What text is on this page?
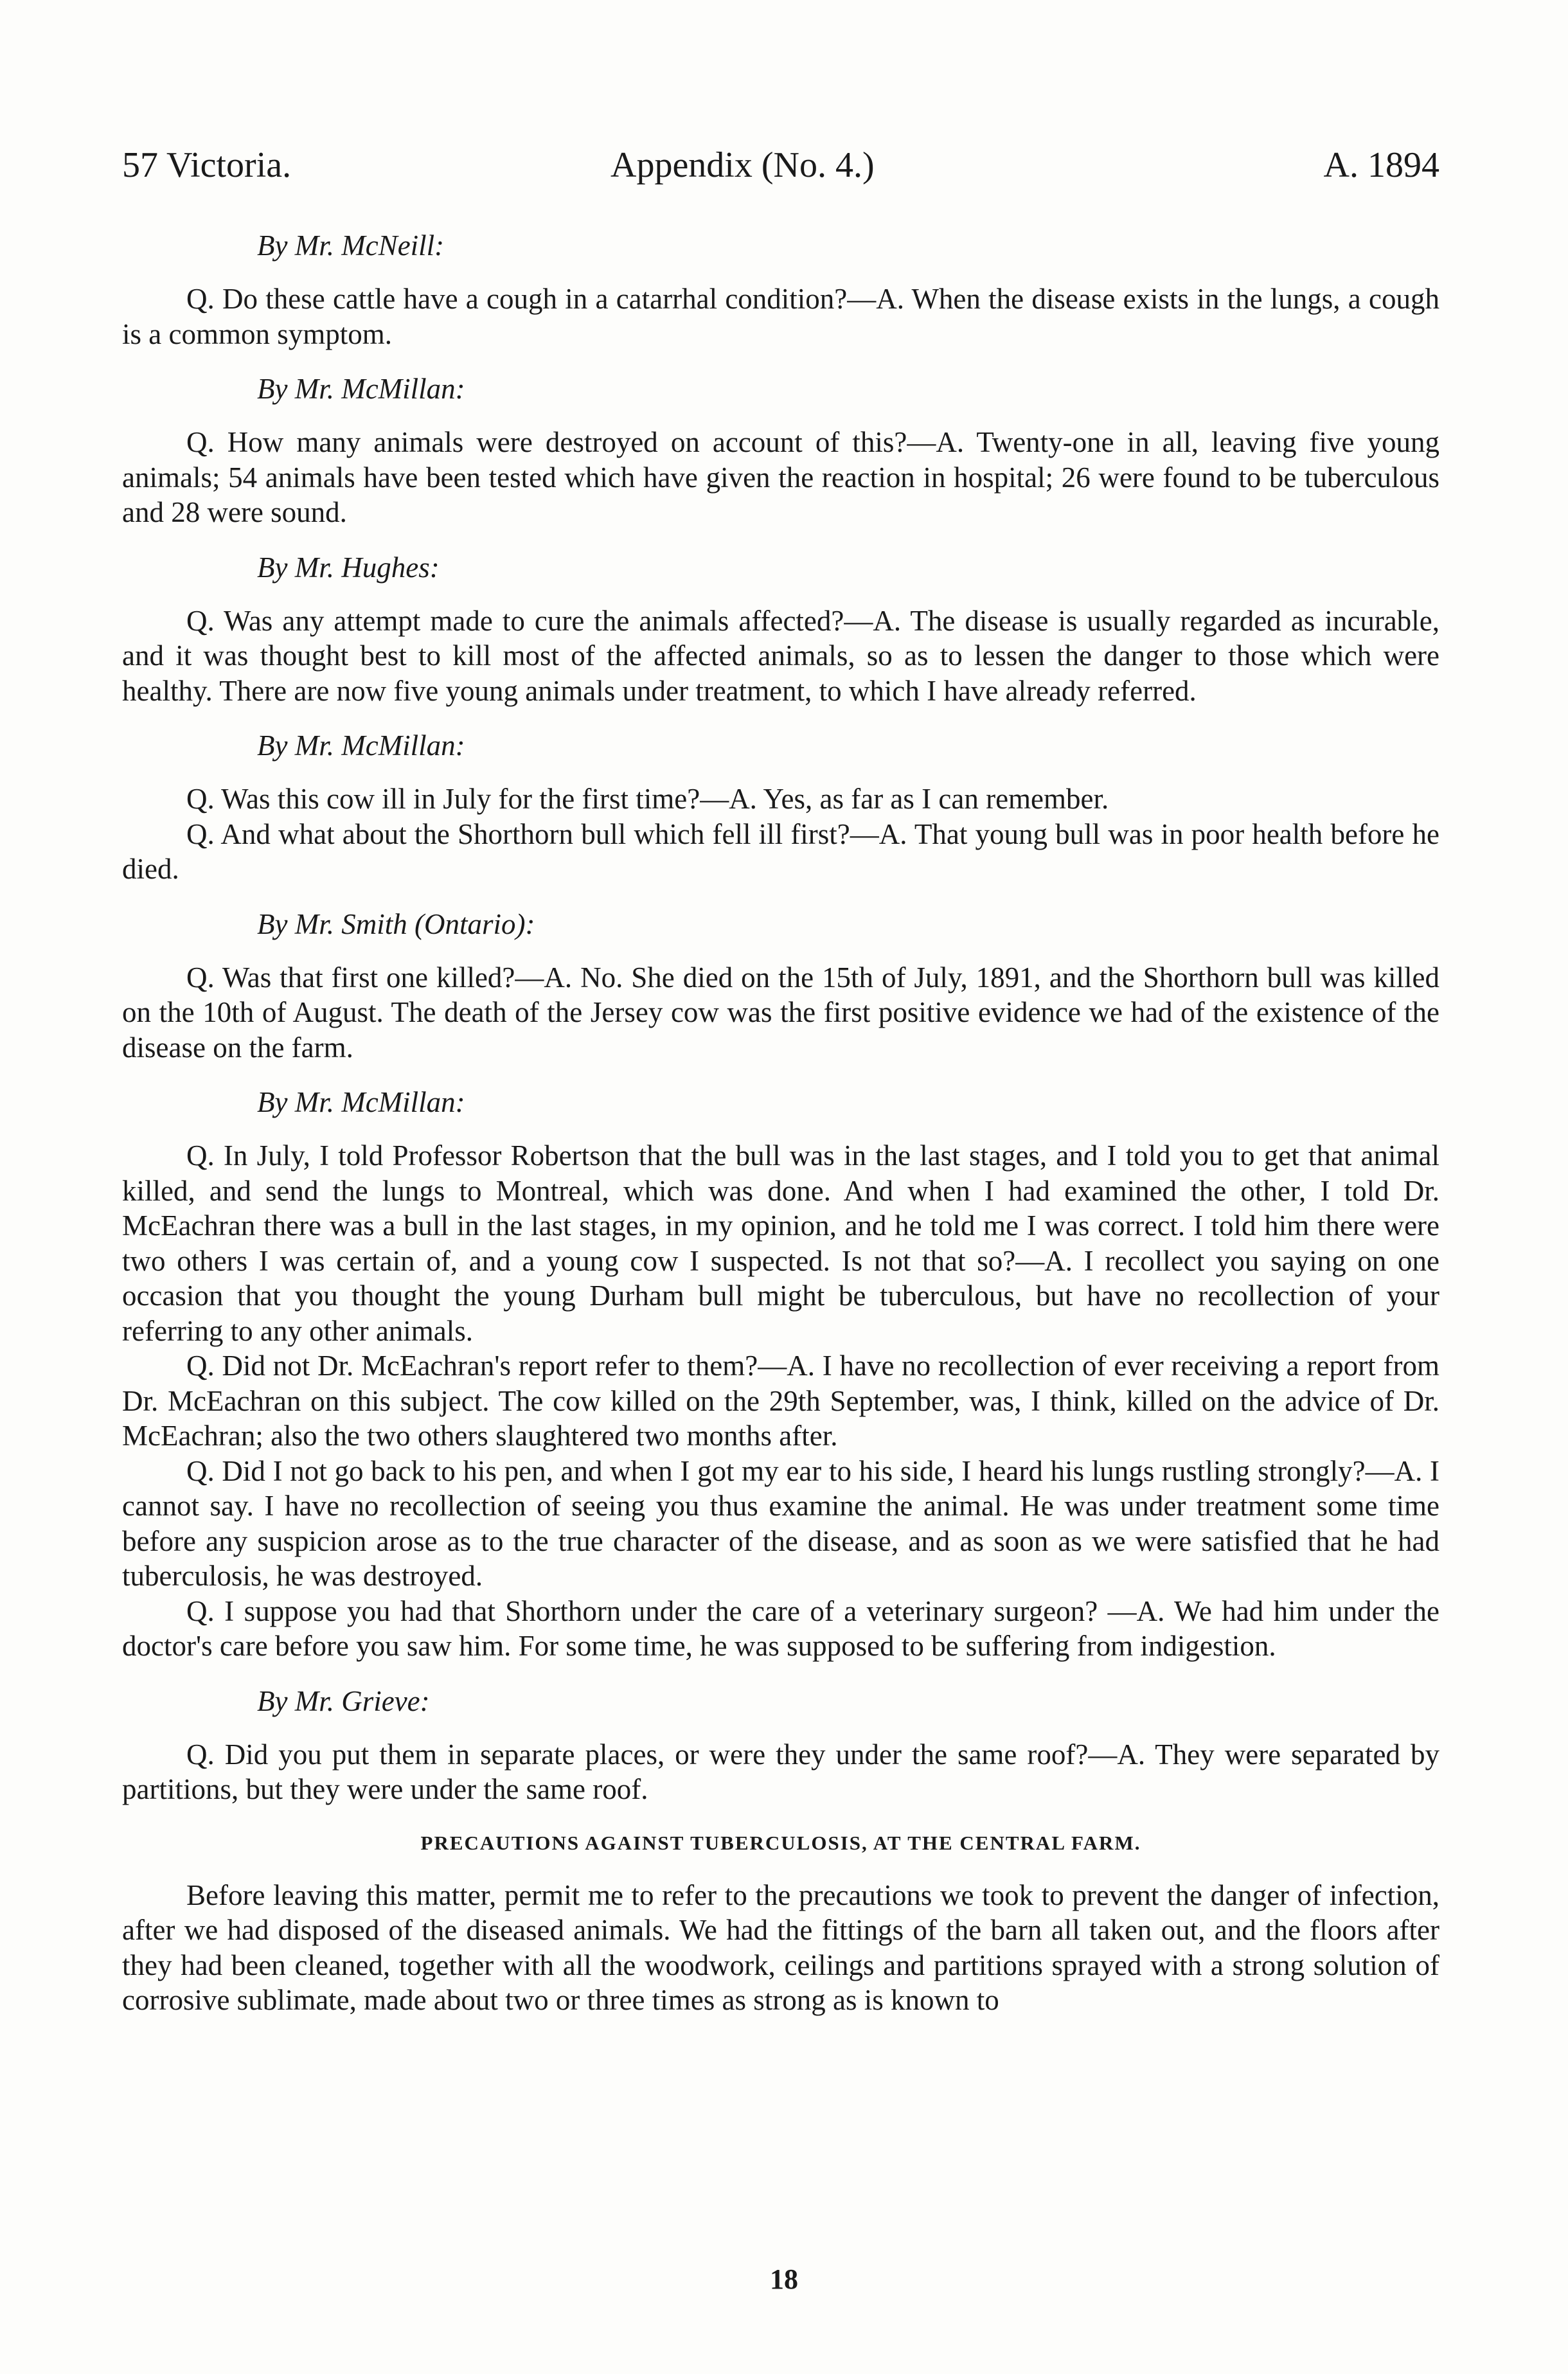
57 Victoria.	Appendix (No. 4.)	A. 1894

By Mr. McNeill:

Q. Do these cattle have a cough in a catarrhal condition?—A. When the disease exists in the lungs, a cough is a common symptom.

By Mr. McMillan:

Q. How many animals were destroyed on account of this?—A. Twenty-one in all, leaving five young animals; 54 animals have been tested which have given the reaction in hospital; 26 were found to be tuberculous and 28 were sound.

By Mr. Hughes:

Q. Was any attempt made to cure the animals affected?—A. The disease is usually regarded as incurable, and it was thought best to kill most of the affected animals, so as to lessen the danger to those which were healthy. There are now five young animals under treatment, to which I have already referred.

By Mr. McMillan:

Q. Was this cow ill in July for the first time?—A. Yes, as far as I can remember.

Q. And what about the Shorthorn bull which fell ill first?—A. That young bull was in poor health before he died.

By Mr. Smith (Ontario):

Q. Was that first one killed?—A. No. She died on the 15th of July, 1891, and the Shorthorn bull was killed on the 10th of August. The death of the Jersey cow was the first positive evidence we had of the existence of the disease on the farm.

By Mr. McMillan:

Q. In July, I told Professor Robertson that the bull was in the last stages, and I told you to get that animal killed, and send the lungs to Montreal, which was done. And when I had examined the other, I told Dr. McEachran there was a bull in the last stages, in my opinion, and he told me I was correct. I told him there were two others I was certain of, and a young cow I suspected. Is not that so?—A. I recollect you saying on one occasion that you thought the young Durham bull might be tuberculous, but have no recollection of your referring to any other animals.

Q. Did not Dr. McEachran's report refer to them?—A. I have no recollection of ever receiving a report from Dr. McEachran on this subject. The cow killed on the 29th September, was, I think, killed on the advice of Dr. McEachran; also the two others slaughtered two months after.

Q. Did I not go back to his pen, and when I got my ear to his side, I heard his lungs rustling strongly?—A. I cannot say. I have no recollection of seeing you thus examine the animal. He was under treatment some time before any suspicion arose as to the true character of the disease, and as soon as we were satisfied that he had tuberculosis, he was destroyed.

Q. I suppose you had that Shorthorn under the care of a veterinary surgeon? —A. We had him under the doctor's care before you saw him. For some time, he was supposed to be suffering from indigestion.

By Mr. Grieve:

Q. Did you put them in separate places, or were they under the same roof?—A. They were separated by partitions, but they were under the same roof.

PRECAUTIONS AGAINST TUBERCULOSIS, AT THE CENTRAL FARM.

Before leaving this matter, permit me to refer to the precautions we took to prevent the danger of infection, after we had disposed of the diseased animals. We had the fittings of the barn all taken out, and the floors after they had been cleaned, together with all the woodwork, ceilings and partitions sprayed with a strong solution of corrosive sublimate, made about two or three times as strong as is known to

18
